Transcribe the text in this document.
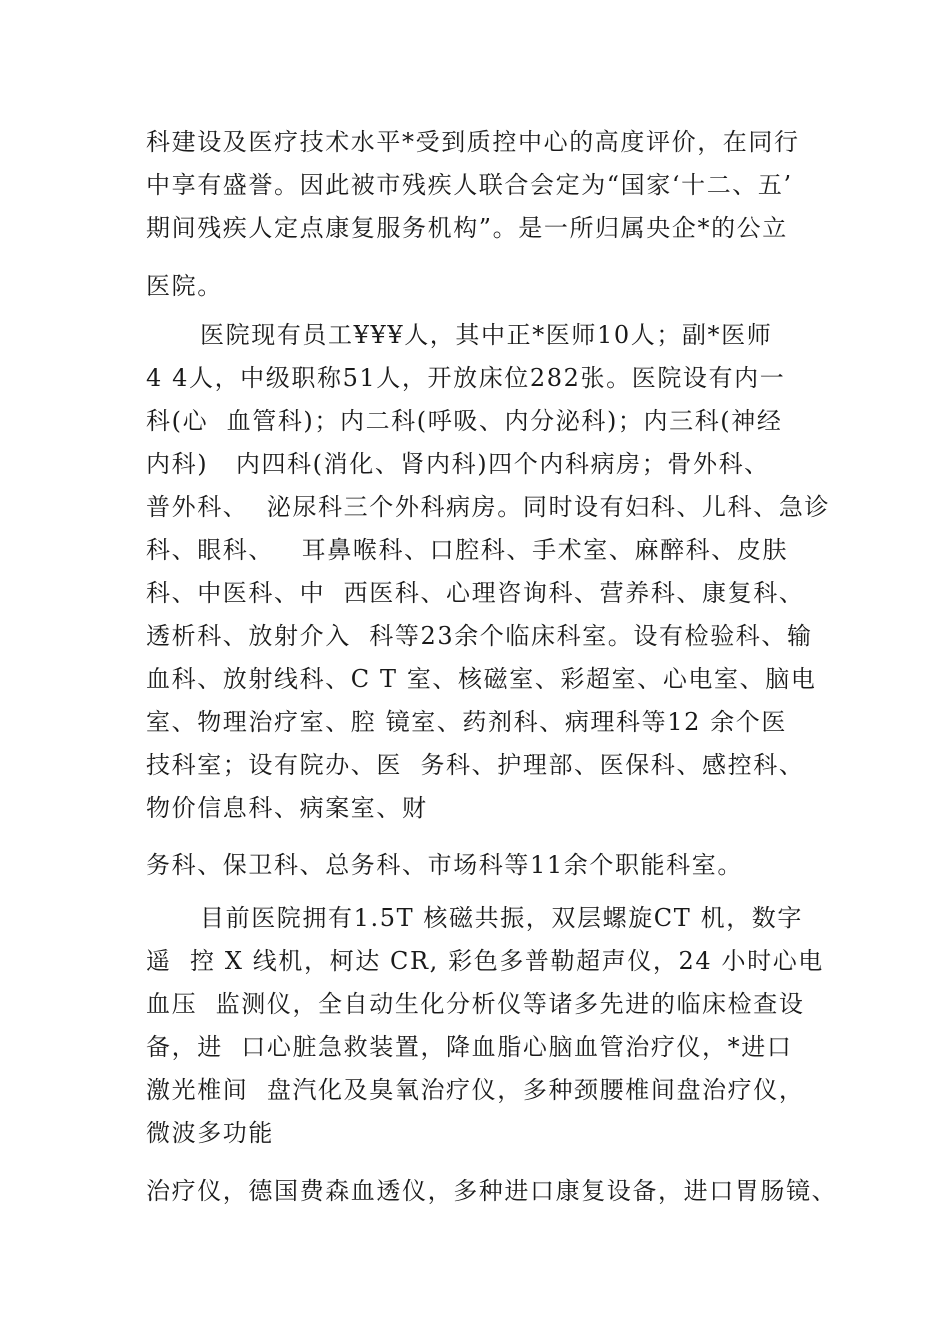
科建设及医疗技术水平*受到质控中心的高度评价，在同行
中享有盛誉。因此被市残疾人联合会定为“国家‘十二、五’
期间残疾人定点康复服务机构”。是一所归属央企*的公立
医院。
医院现有员工¥¥¥人，其中正*医师10人；副*医师
4 4人，中级职称51人，开放床位282张。医院设有内一
科(心  血管科)；内二科(呼吸、内分泌科)；内三科(神经
内科)   内四科(消化、肾内科)四个内科病房；骨外科、
普外科、  泌尿科三个外科病房。同时设有妇科、儿科、急诊
科、眼科、   耳鼻喉科、口腔科、手术室、麻醉科、皮肤
科、中医科、中  西医科、心理咨询科、营养科、康复科、
透析科、放射介入  科等23余个临床科室。设有检验科、输
血科、放射线科、C T 室、核磁室、彩超室、心电室、脑电
室、物理治疗室、腔 镜室、药剂科、病理科等12 余个医
技科室；设有院办、医  务科、护理部、医保科、感控科、
物价信息科、病案室、财
务科、保卫科、总务科、市场科等11余个职能科室。
目前医院拥有1.5T 核磁共振，双层螺旋CT 机，数字
遥  控 X 线机，柯达 CR, 彩色多普勒超声仪，24 小时心电
血压  监测仪，全自动生化分析仪等诸多先进的临床检查设
备，进  口心脏急救装置，降血脂心脑血管治疗仪，*进口
激光椎间  盘汽化及臭氧治疗仪，多种颈腰椎间盘治疗仪，
微波多功能
治疗仪，德国费森血透仪，多种进口康复设备，进口胃肠镜、
